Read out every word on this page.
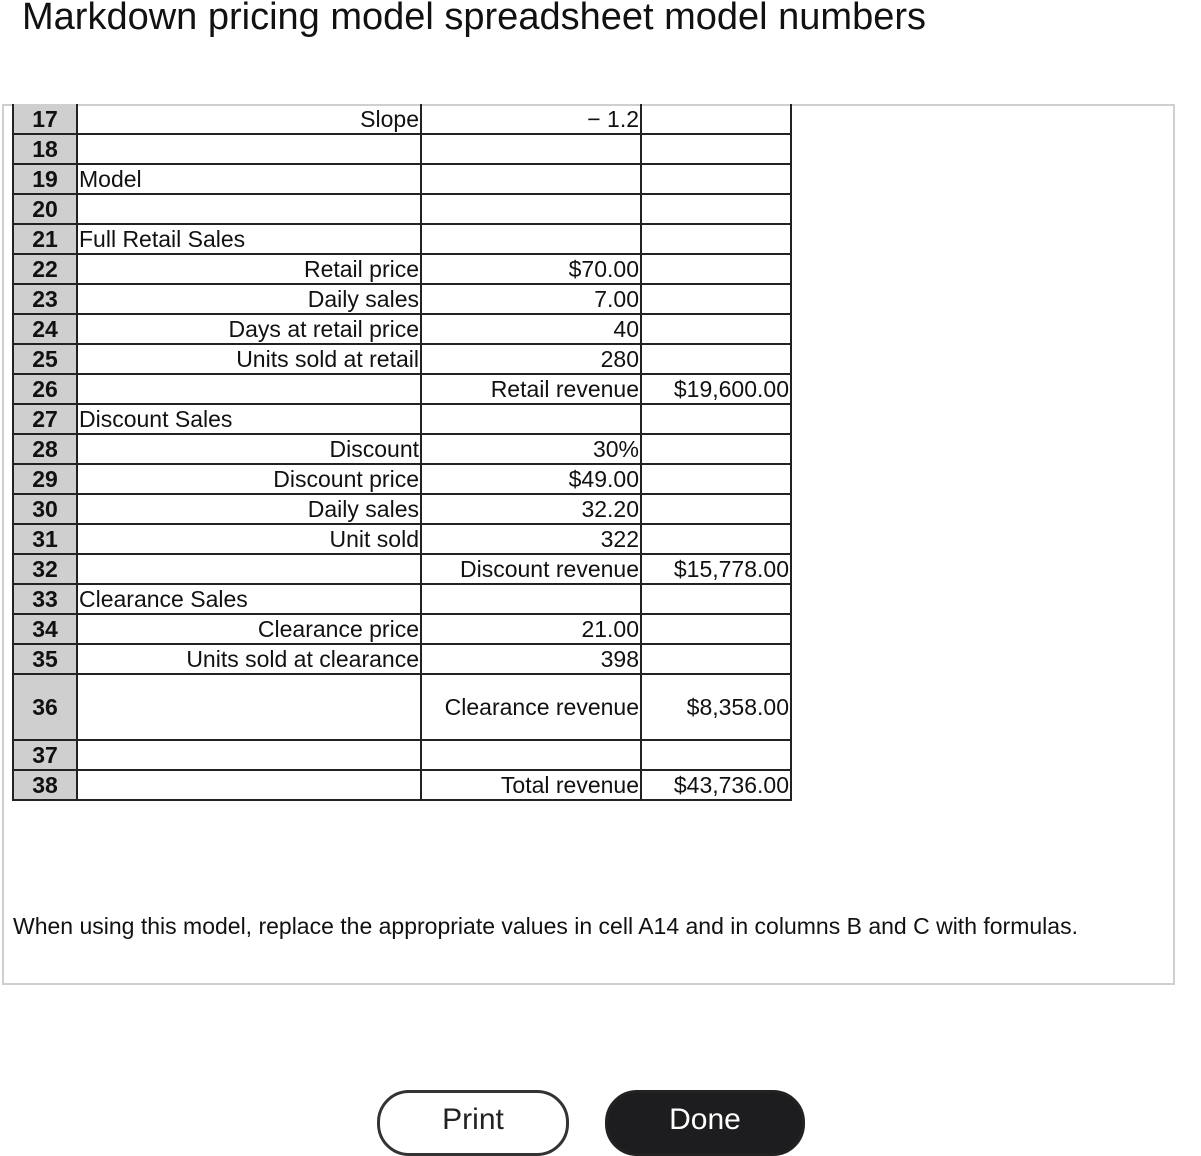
Markdown pricing model spreadsheet model numbers
17	Slope	− 1.2	
18			
19	Model		
20			
21	Full Retail Sales		
22	Retail price	$70.00	
23	Daily sales	7.00	
24	Days at retail price	40	
25	Units sold at retail	280	
26		Retail revenue	$19,600.00
27	Discount Sales		
28	Discount	30%	
29	Discount price	$49.00	
30	Daily sales	32.20	
31	Unit sold	322	
32		Discount revenue	$15,778.00
33	Clearance Sales		
34	Clearance price	21.00	
35	Units sold at clearance	398	
36		Clearance revenue	$8,358.00
37			
38		Total revenue	$43,736.00

When using this model, replace the appropriate values in cell A14 and in columns B and C with formulas.

Print	Done
